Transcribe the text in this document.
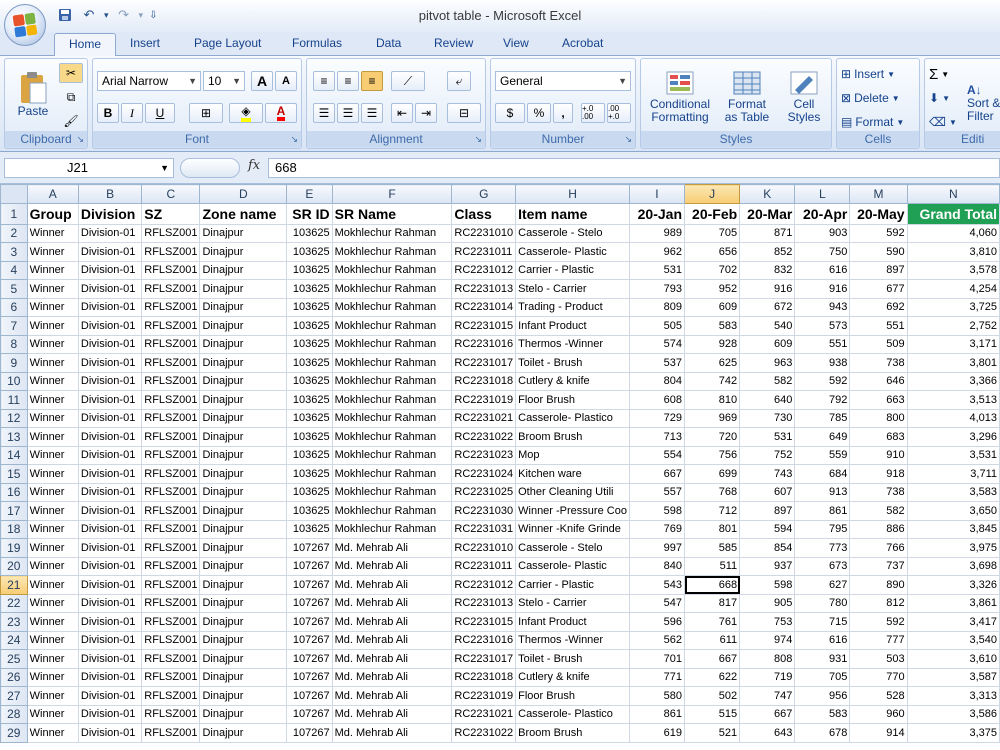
↶	▾ ↷	▾ ⇩	pitvot table - Microsoft Excel
Home	Insert	Page Layout	Formulas	Data	Review View	Acrobat
Paste
✂
⧉
🖌
Clipboard ↘
Arial Narrow ▼ 10 ▼	A	A
B	I	U	⊞	◈ A
Font	↘
≡ ≡ ≡ ⟋	⤶
☰ ☰ ☰ ⇤ ⇥ ⊟
Alignment	↘
General	▼
$	%	,	+.0 .00
.00 +.0
Number	↘
Conditional
Formatting
Format
as Table
Cell
Styles
Styles
⊞ Insert ▼
⊠ Delete ▼
▤ Format ▼
Cells
Σ ▼
⬇ ▼
⌫ ▼
A↓
Sort &
Filter
Editi
J21	▼	fx	668
	A	B	C	D	E	F	G	H	I	J	K	L	M	N
1	Group	Division	SZ	Zone name	SR ID	SR Name	Class	Item name	20-Jan	20-Feb	20-Mar	20-Apr	20-May	Grand Total
2	Winner	Division-01	RFLSZ001	Dinajpur	103625	Mokhlechur Rahman	RC2231010	Casserole - Stelo	989	705	871	903	592	4,060
3	Winner	Division-01	RFLSZ001	Dinajpur	103625	Mokhlechur Rahman	RC2231011	Casserole- Plastic	962	656	852	750	590	3,810
4	Winner	Division-01	RFLSZ001	Dinajpur	103625	Mokhlechur Rahman	RC2231012	Carrier - Plastic	531	702	832	616	897	3,578
5	Winner	Division-01	RFLSZ001	Dinajpur	103625	Mokhlechur Rahman	RC2231013	Stelo - Carrier	793	952	916	916	677	4,254
6	Winner	Division-01	RFLSZ001	Dinajpur	103625	Mokhlechur Rahman	RC2231014	Trading - Product	809	609	672	943	692	3,725
7	Winner	Division-01	RFLSZ001	Dinajpur	103625	Mokhlechur Rahman	RC2231015	Infant Product	505	583	540	573	551	2,752
8	Winner	Division-01	RFLSZ001	Dinajpur	103625	Mokhlechur Rahman	RC2231016	Thermos -Winner	574	928	609	551	509	3,171
9	Winner	Division-01	RFLSZ001	Dinajpur	103625	Mokhlechur Rahman	RC2231017	Toilet - Brush	537	625	963	938	738	3,801
10	Winner	Division-01	RFLSZ001	Dinajpur	103625	Mokhlechur Rahman	RC2231018	Cutlery & knife	804	742	582	592	646	3,366
11	Winner	Division-01	RFLSZ001	Dinajpur	103625	Mokhlechur Rahman	RC2231019	Floor Brush	608	810	640	792	663	3,513
12	Winner	Division-01	RFLSZ001	Dinajpur	103625	Mokhlechur Rahman	RC2231021	Casserole- Plastico	729	969	730	785	800	4,013
13	Winner	Division-01	RFLSZ001	Dinajpur	103625	Mokhlechur Rahman	RC2231022	Broom Brush	713	720	531	649	683	3,296
14	Winner	Division-01	RFLSZ001	Dinajpur	103625	Mokhlechur Rahman	RC2231023	Mop	554	756	752	559	910	3,531
15	Winner	Division-01	RFLSZ001	Dinajpur	103625	Mokhlechur Rahman	RC2231024	Kitchen ware	667	699	743	684	918	3,711
16	Winner	Division-01	RFLSZ001	Dinajpur	103625	Mokhlechur Rahman	RC2231025	Other Cleaning Utili	557	768	607	913	738	3,583
17	Winner	Division-01	RFLSZ001	Dinajpur	103625	Mokhlechur Rahman	RC2231030	Winner -Pressure Coo	598	712	897	861	582	3,650
18	Winner	Division-01	RFLSZ001	Dinajpur	103625	Mokhlechur Rahman	RC2231031	Winner -Knife Grinde	769	801	594	795	886	3,845
19	Winner	Division-01	RFLSZ001	Dinajpur	107267	Md. Mehrab Ali	RC2231010	Casserole - Stelo	997	585	854	773	766	3,975
20	Winner	Division-01	RFLSZ001	Dinajpur	107267	Md. Mehrab Ali	RC2231011	Casserole- Plastic	840	511	937	673	737	3,698
21	Winner	Division-01	RFLSZ001	Dinajpur	107267	Md. Mehrab Ali	RC2231012	Carrier - Plastic	543	668	598	627	890	3,326
22	Winner	Division-01	RFLSZ001	Dinajpur	107267	Md. Mehrab Ali	RC2231013	Stelo - Carrier	547	817	905	780	812	3,861
23	Winner	Division-01	RFLSZ001	Dinajpur	107267	Md. Mehrab Ali	RC2231015	Infant Product	596	761	753	715	592	3,417
24	Winner	Division-01	RFLSZ001	Dinajpur	107267	Md. Mehrab Ali	RC2231016	Thermos -Winner	562	611	974	616	777	3,540
25	Winner	Division-01	RFLSZ001	Dinajpur	107267	Md. Mehrab Ali	RC2231017	Toilet - Brush	701	667	808	931	503	3,610
26	Winner	Division-01	RFLSZ001	Dinajpur	107267	Md. Mehrab Ali	RC2231018	Cutlery & knife	771	622	719	705	770	3,587
27	Winner	Division-01	RFLSZ001	Dinajpur	107267	Md. Mehrab Ali	RC2231019	Floor Brush	580	502	747	956	528	3,313
28	Winner	Division-01	RFLSZ001	Dinajpur	107267	Md. Mehrab Ali	RC2231021	Casserole- Plastico	861	515	667	583	960	3,586
29	Winner	Division-01	RFLSZ001	Dinajpur	107267	Md. Mehrab Ali	RC2231022	Broom Brush	619	521	643	678	914	3,375
